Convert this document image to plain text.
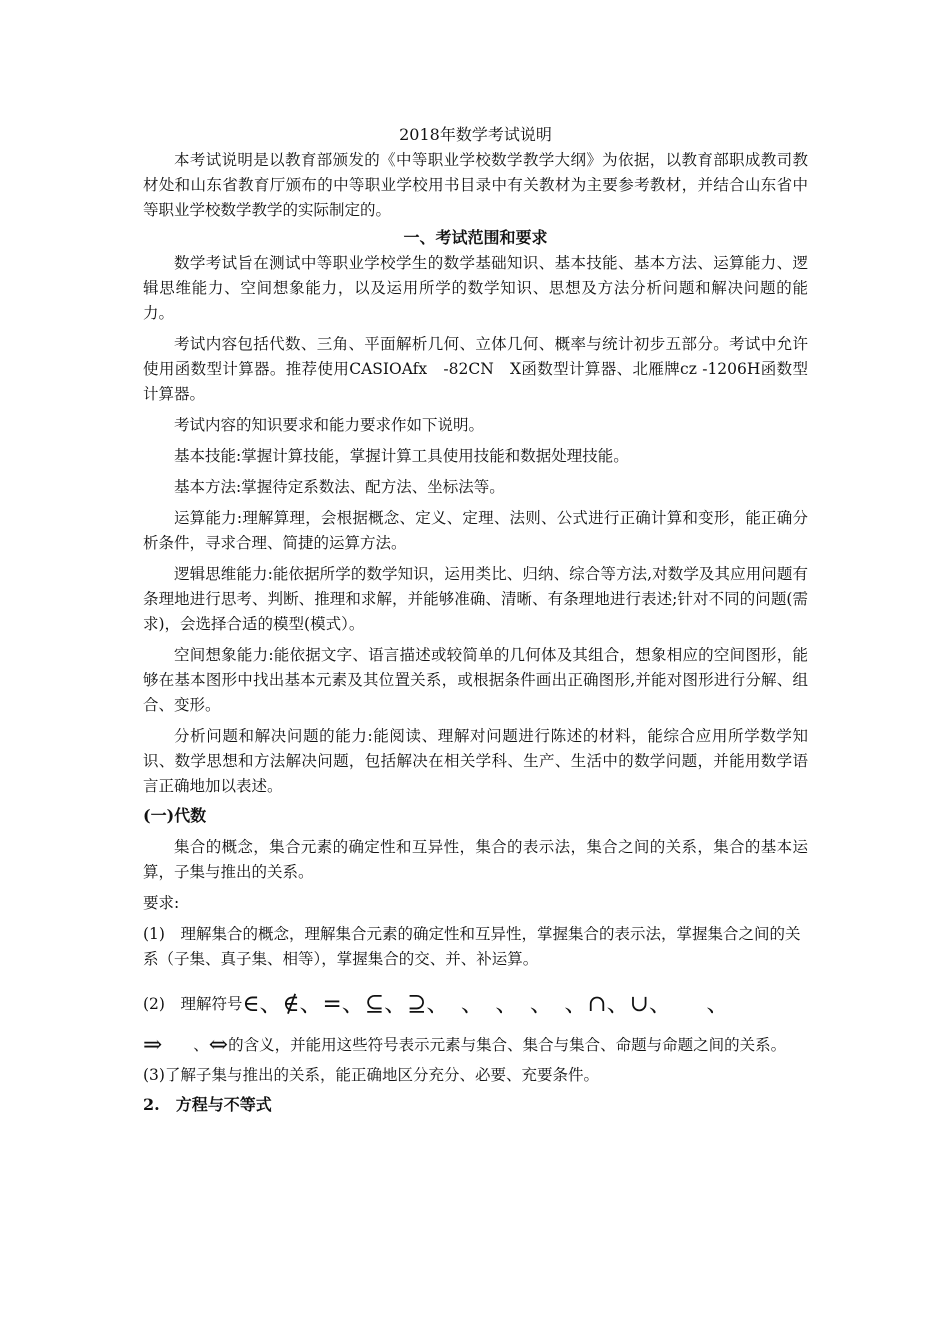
2018年数学考试说明

本考试说明是以教育部颁发的《中等职业学校数学教学大纲》为依据，以教育部职成教司教材处和山东省教育厅颁布的中等职业学校用书目录中有关教材为主要参考教材，并结合山东省中等职业学校数学教学的实际制定的。

一、考试范围和要求

数学考试旨在测试中等职业学校学生的数学基础知识、基本技能、基本方法、运算能力、逻辑思维能力、空间想象能力，以及运用所学的数学知识、思想及方法分析问题和解决问题的能力。

考试内容包括代数、三角、平面解析几何、立体几何、概率与统计初步五部分。考试中允许使用函数型计算器。推荐使用CASIOAfx　-82CN　X函数型计算器、北雁牌cz -1206H函数型计算器。

考试内容的知识要求和能力要求作如下说明。

基本技能:掌握计算技能，掌握计算工具使用技能和数据处理技能。

基本方法:掌握待定系数法、配方法、坐标法等。

运算能力:理解算理，会根据概念、定义、定理、法则、公式进行正确计算和变形，能正确分析条件，寻求合理、简捷的运算方法。

逻辑思维能力:能依据所学的数学知识，运用类比、归纳、综合等方法,对数学及其应用问题有条理地进行思考、判断、推理和求解，并能够准确、清晰、有条理地进行表述;针对不同的问题(需求)，会选择合适的模型(模式）。

空间想象能力:能依据文字、语言描述或较简单的几何体及其组合，想象相应的空间图形，能够在基本图形中找出基本元素及其位置关系，或根据条件画出正确图形,并能对图形进行分解、组合、变形。

分析问题和解决问题的能力:能阅读、理解对问题进行陈述的材料，能综合应用所学数学知识、数学思想和方法解决问题，包括解决在相关学科、生产、生活中的数学问题，并能用数学语言正确地加以表述。

(一)代数

集合的概念，集合元素的确定性和互异性，集合的表示法，集合之间的关系，集合的基本运算，子集与推出的关系。

要求:

(1)　理解集合的概念，理解集合元素的确定性和互异性，掌握集合的表示法，掌握集合之间的关系（子集、真子集、相等），掌握集合的交、并、补运算。

(2)　理解符号∈、∉、=、⊆、⊇、　、　、　、　、∩、∪、　　、

⇒　　、⇔的含义，并能用这些符号表示元素与集合、集合与集合、命题与命题之间的关系。

(3)了解子集与推出的关系，能正确地区分充分、必要、充要条件。

2.　方程与不等式
